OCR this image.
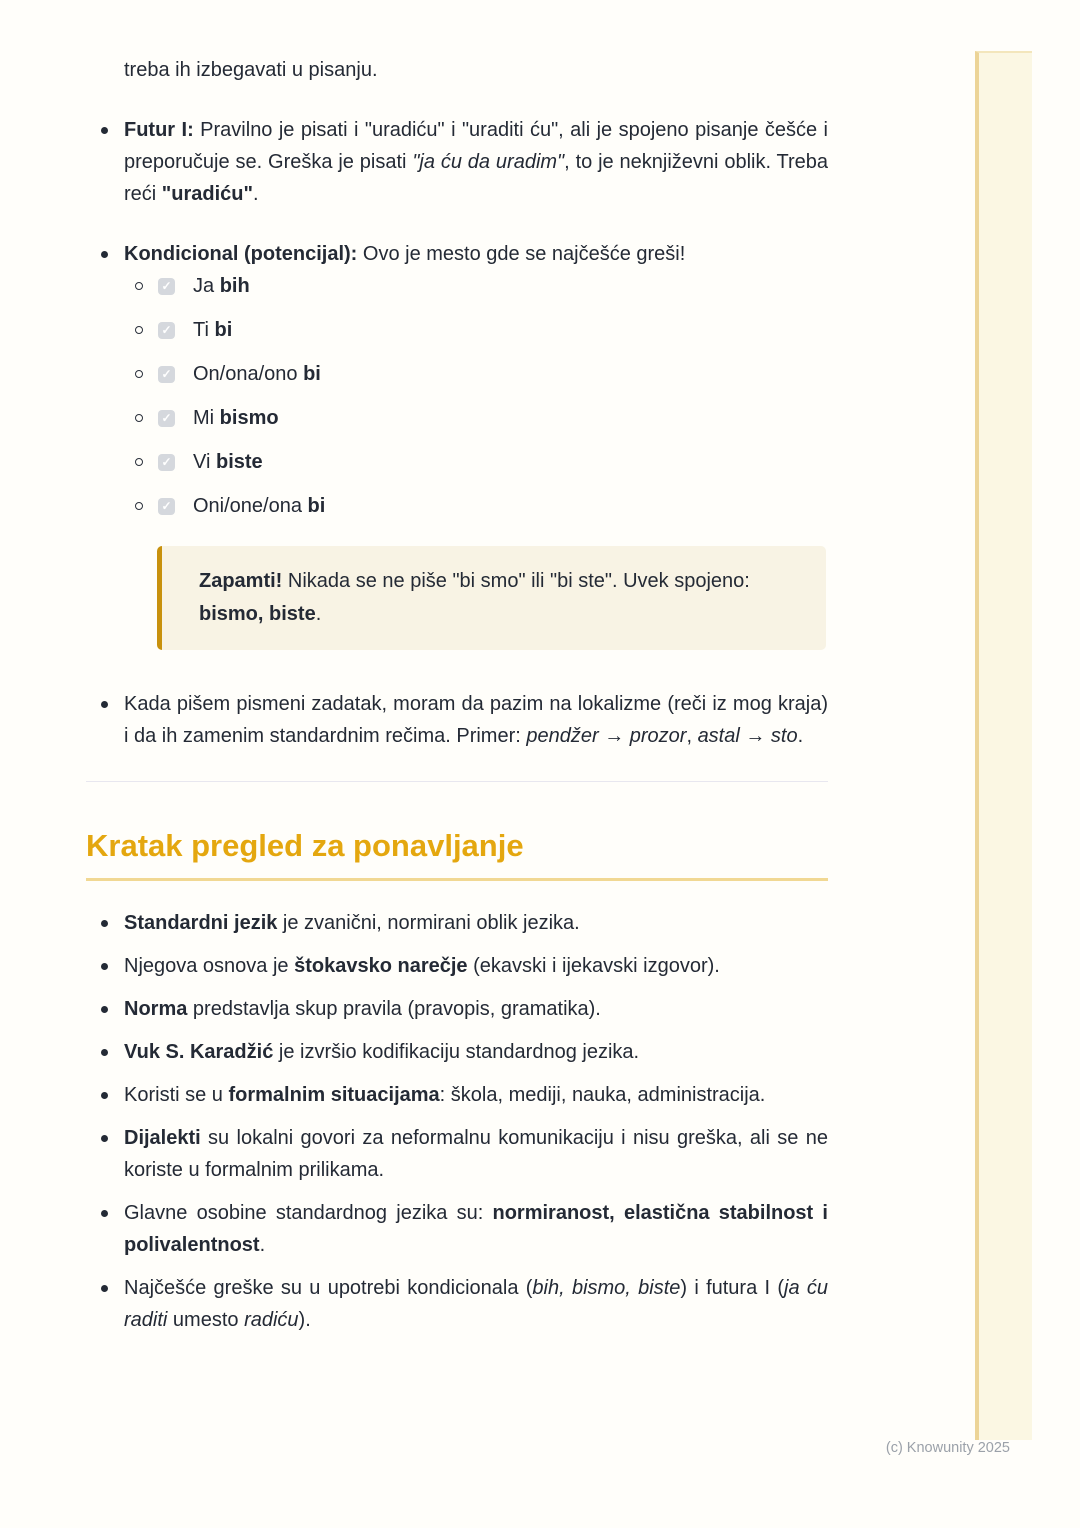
treba ih izbegavati u pisanju.

Futur I: Pravilno je pisati i "uradiću" i "uraditi ću", ali je spojeno pisanje češće i preporučuje se. Greška je pisati "ja ću da uradim", to je neknjiževni oblik. Treba reći "uradiću".
Kondicional (potencijal): Ovo je mesto gde se najčešće greši!
✓ Ja bih
✓ Ti bi
✓ On/ona/ono bi
✓ Mi bismo
✓ Vi biste
✓ Oni/one/ona bi
Zapamti! Nikada se ne piše "bi smo" ili "bi ste". Uvek spojeno: bismo, biste.
Kada pišem pismeni zadatak, moram da pazim na lokalizme (reči iz mog kraja) i da ih zamenim standardnim rečima. Primer: pendžer → prozor, astal → sto.
Kratak pregled za ponavljanje
Standardni jezik je zvanični, normirani oblik jezika.
Njegova osnova je štokavsko narečje (ekavski i ijekavski izgovor).
Norma predstavlja skup pravila (pravopis, gramatika).
Vuk S. Karadžić je izvršio kodifikaciju standardnog jezika.
Koristi se u formalnim situacijama: škola, mediji, nauka, administracija.
Dijalekti su lokalni govori za neformalnu komunikaciju i nisu greška, ali se ne koriste u formalnim prilikama.
Glavne osobine standardnog jezika su: normiranost, elastična stabilnost i polivalentnost.
Najčešće greške su u upotrebi kondicionala (bih, bismo, biste) i futura I (ja ću raditi umesto radiću).
(c) Knowunity 2025
